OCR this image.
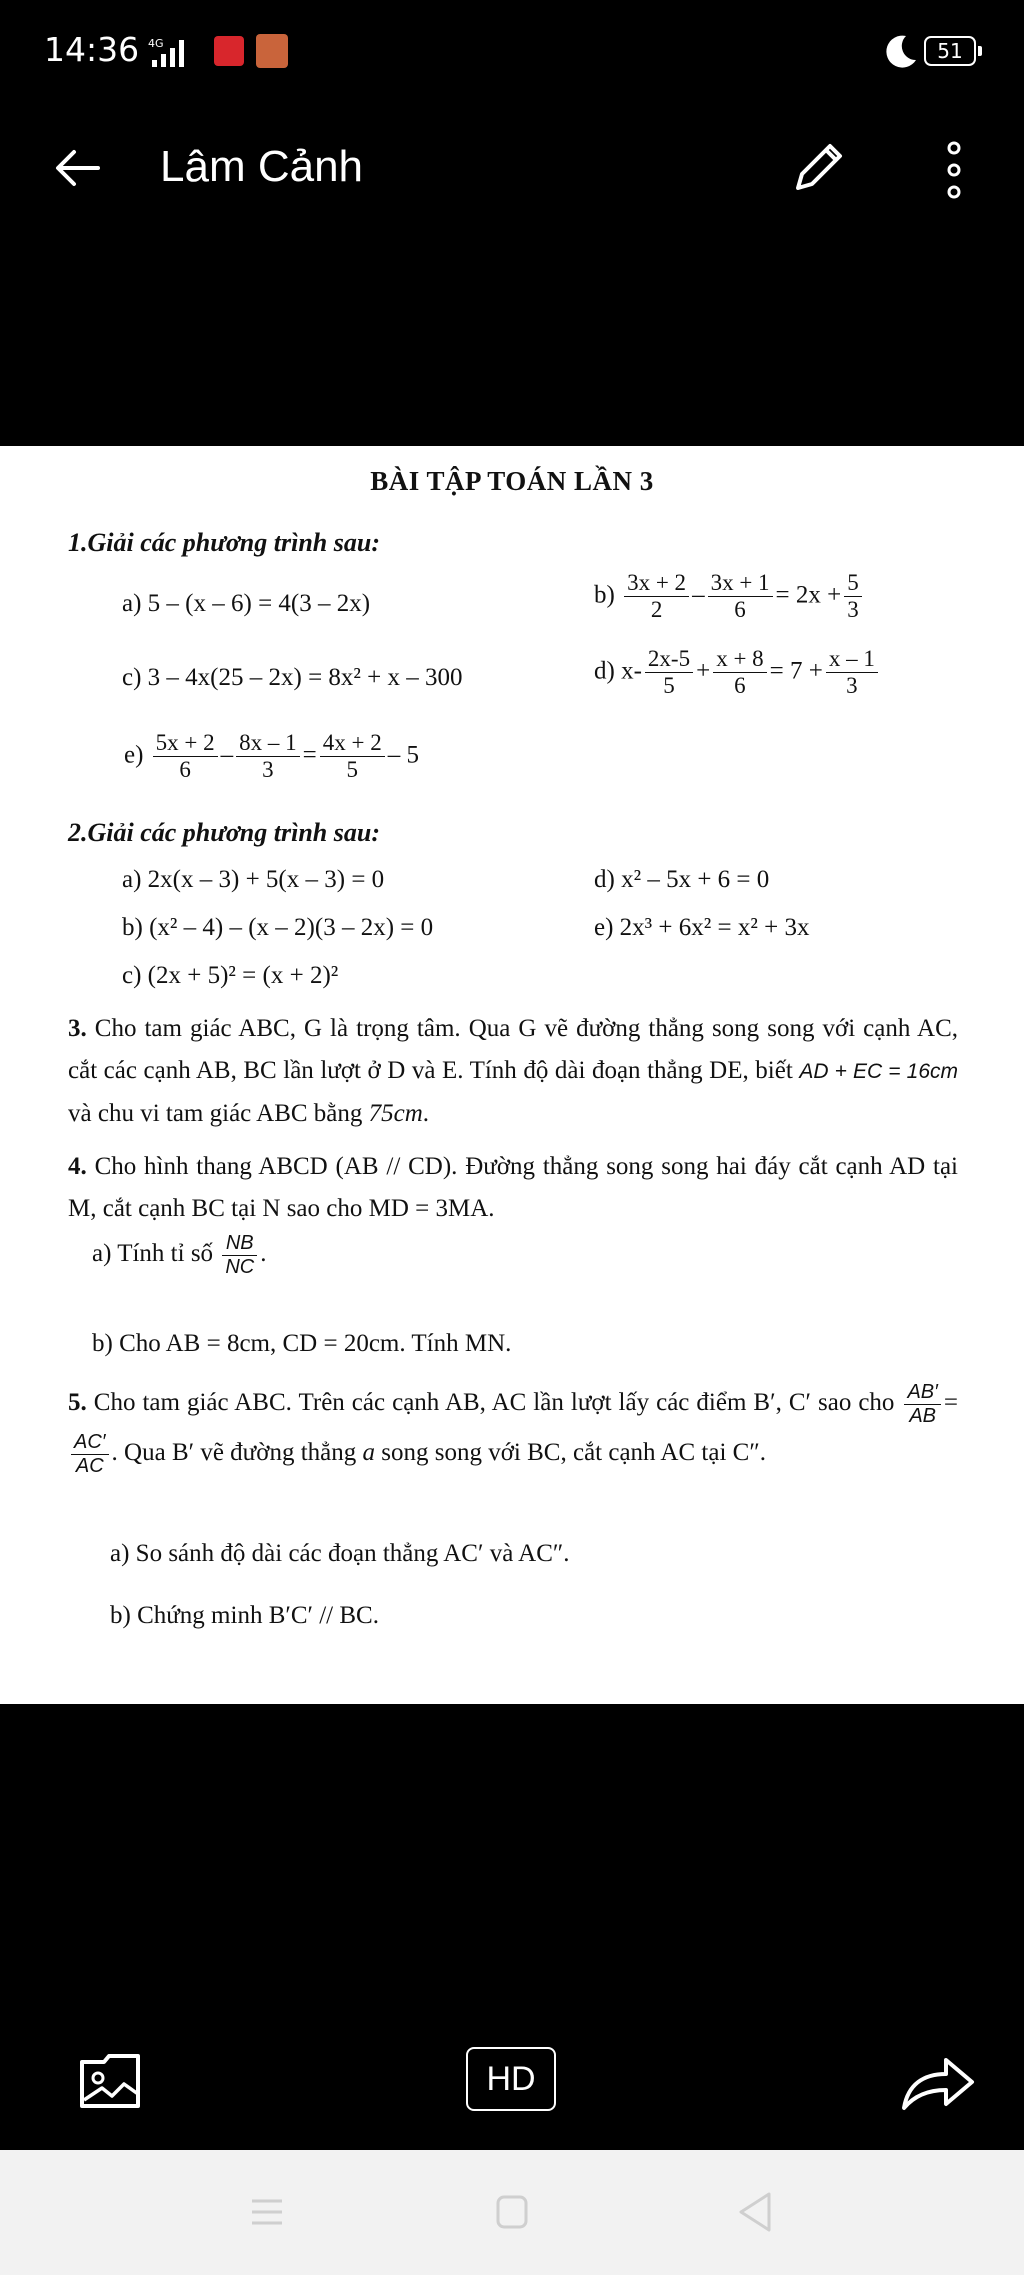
14:36 4G	51
Lâm Cảnh
BÀI TẬP TOÁN LẦN 3
1.Giải các phương trình sau:
a) 5 – (x – 6) = 4(3 – 2x)	$b) \frac{3x + 2}{2} - \frac{3x + 1}{6} = 2x + \frac{5}{3}$
c) 3 – 4x(25 – 2x) = 8x² + x – 300	d) $x- \frac{2x-5}{5} + \frac{x + 8}{6} = 7 + \frac{x - 1}{3}$
$e) \frac{5x + 2}{6} - \frac{8x - 1}{3} = \frac{4x + 2}{5} - 5$
2.Giải các phương trình sau:
a) 2x(x – 3) + 5(x – 3) = 0	d) x² – 5x + 6 = 0
b) (x² – 4) – (x – 2)(3 – 2x) = 0	e) 2x³ + 6x² = x² + 3x
c) (2x + 5)² = (x + 2)²
3. Cho tam giác ABC, G là trọng tâm. Qua G vẽ đường thẳng song song với cạnh AC, cắt các cạnh AB, BC lần lượt ở D và E. Tính độ dài đoạn thẳng DE, biết AD + EC = 16cm và chu vi tam giác ABC bằng 75cm.
4. Cho hình thang ABCD (AB // CD). Đường thẳng song song hai đáy cắt cạnh AD tại M, cắt cạnh BC tại N sao cho MD = 3MA.
a) Tính tỉ số $\frac{NB}{NC}$ .
b) Cho AB = 8cm, CD = 20cm. Tính MN.
5. Cho tam giác ABC. Trên các cạnh AB, AC lần lượt lấy các điểm B′, C′ sao cho $\frac{AB'}{AB}$ =
$\frac{AC'}{AC}$ . Qua B′ vẽ đường thẳng a song song với BC, cắt cạnh AC tại C″.
a) So sánh độ dài các đoạn thẳng AC′ và AC″.
b) Chứng minh B′C′ // BC.
HD
